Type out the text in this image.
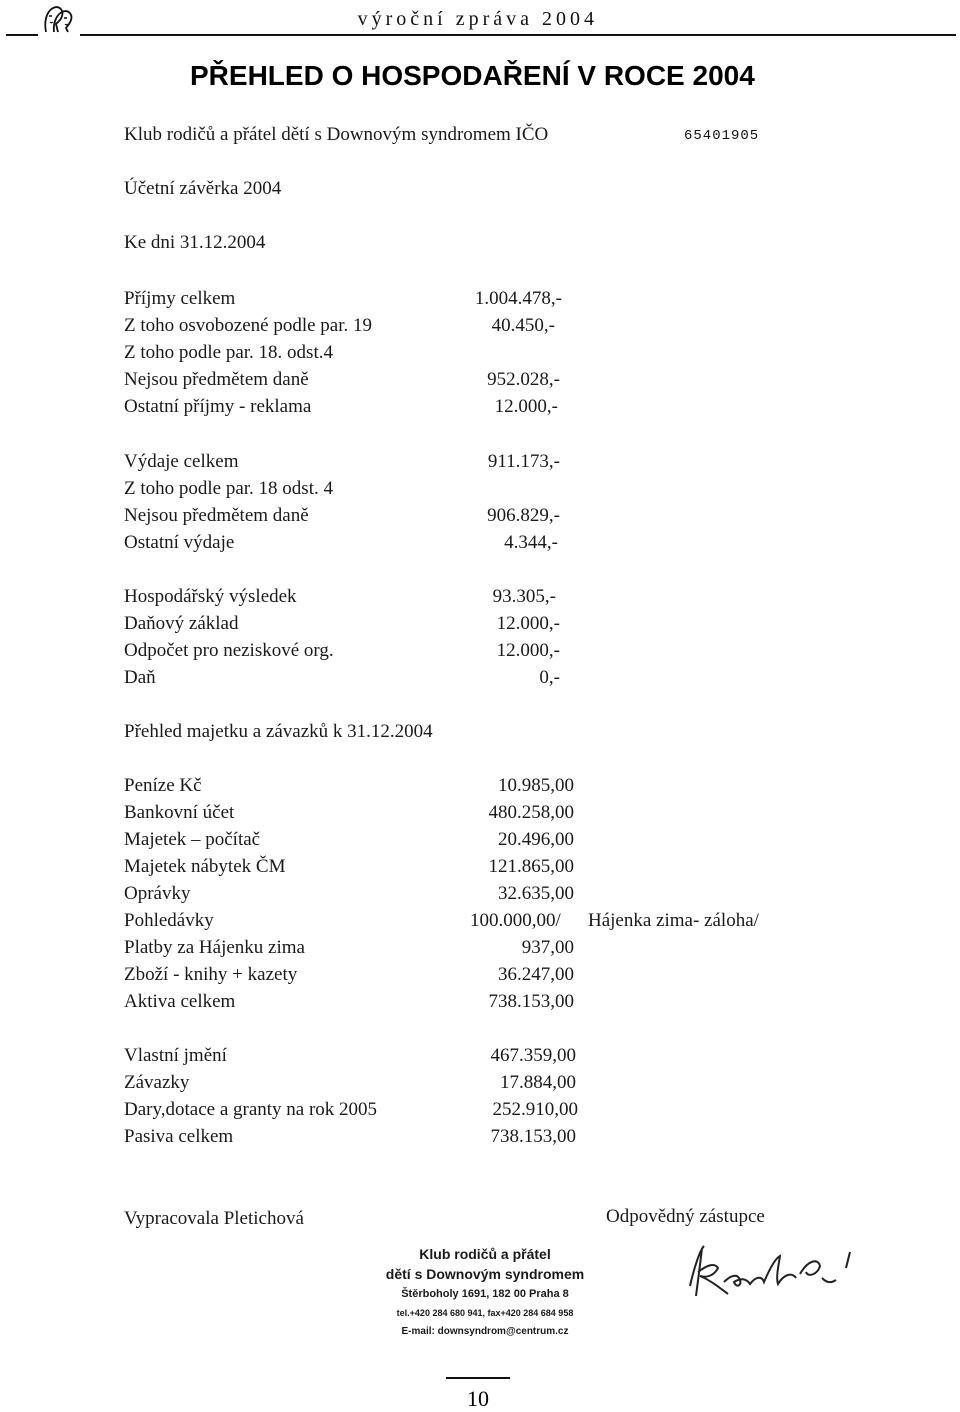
výroční zpráva 2004
PŘEHLED O HOSPODAŘENÍ V ROCE 2004
Klub rodičů a přátel dětí s Downovým syndromem IČO	65401905
Účetní závěrka 2004
Ke dni 31.12.2004
Příjmy celkem	1.004.478,-
Z toho osvobozené podle par. 19	40.450,-
Z toho podle par. 18. odst.4
Nejsou předmětem daně	952.028,-
Ostatní příjmy - reklama	12.000,-
Výdaje celkem	911.173,-
Z toho podle par. 18 odst. 4
Nejsou předmětem daně	906.829,-
Ostatní výdaje	4.344,-
Hospodářský výsledek	93.305,-
Daňový základ	12.000,-
Odpočet pro neziskové org.	12.000,-
Daň	0,-
Přehled majetku a závazků k 31.12.2004
Peníze Kč	10.985,00
Bankovní účet	480.258,00
Majetek – počítač	20.496,00
Majetek nábytek ČM	121.865,00
Oprávky	32.635,00
Pohledávky	100.000,00/ Hájenka zima- záloha/
Platby za Hájenku zima	937,00
Zboží - knihy + kazety	36.247,00
Aktiva celkem	738.153,00
Vlastní jmění	467.359,00
Závazky	17.884,00
Dary,dotace a granty na rok 2005	252.910,00
Pasiva celkem	738.153,00
Vypracovala Pletichová	Odpovědný zástupce
Klub rodičů a přátel
dětí s Downovým syndromem
Štěrboholy 1691, 182 00 Praha 8
tel.+420 284 680 941, fax+420 284 684 958
E-mail: downsyndrom@centrum.cz
10
